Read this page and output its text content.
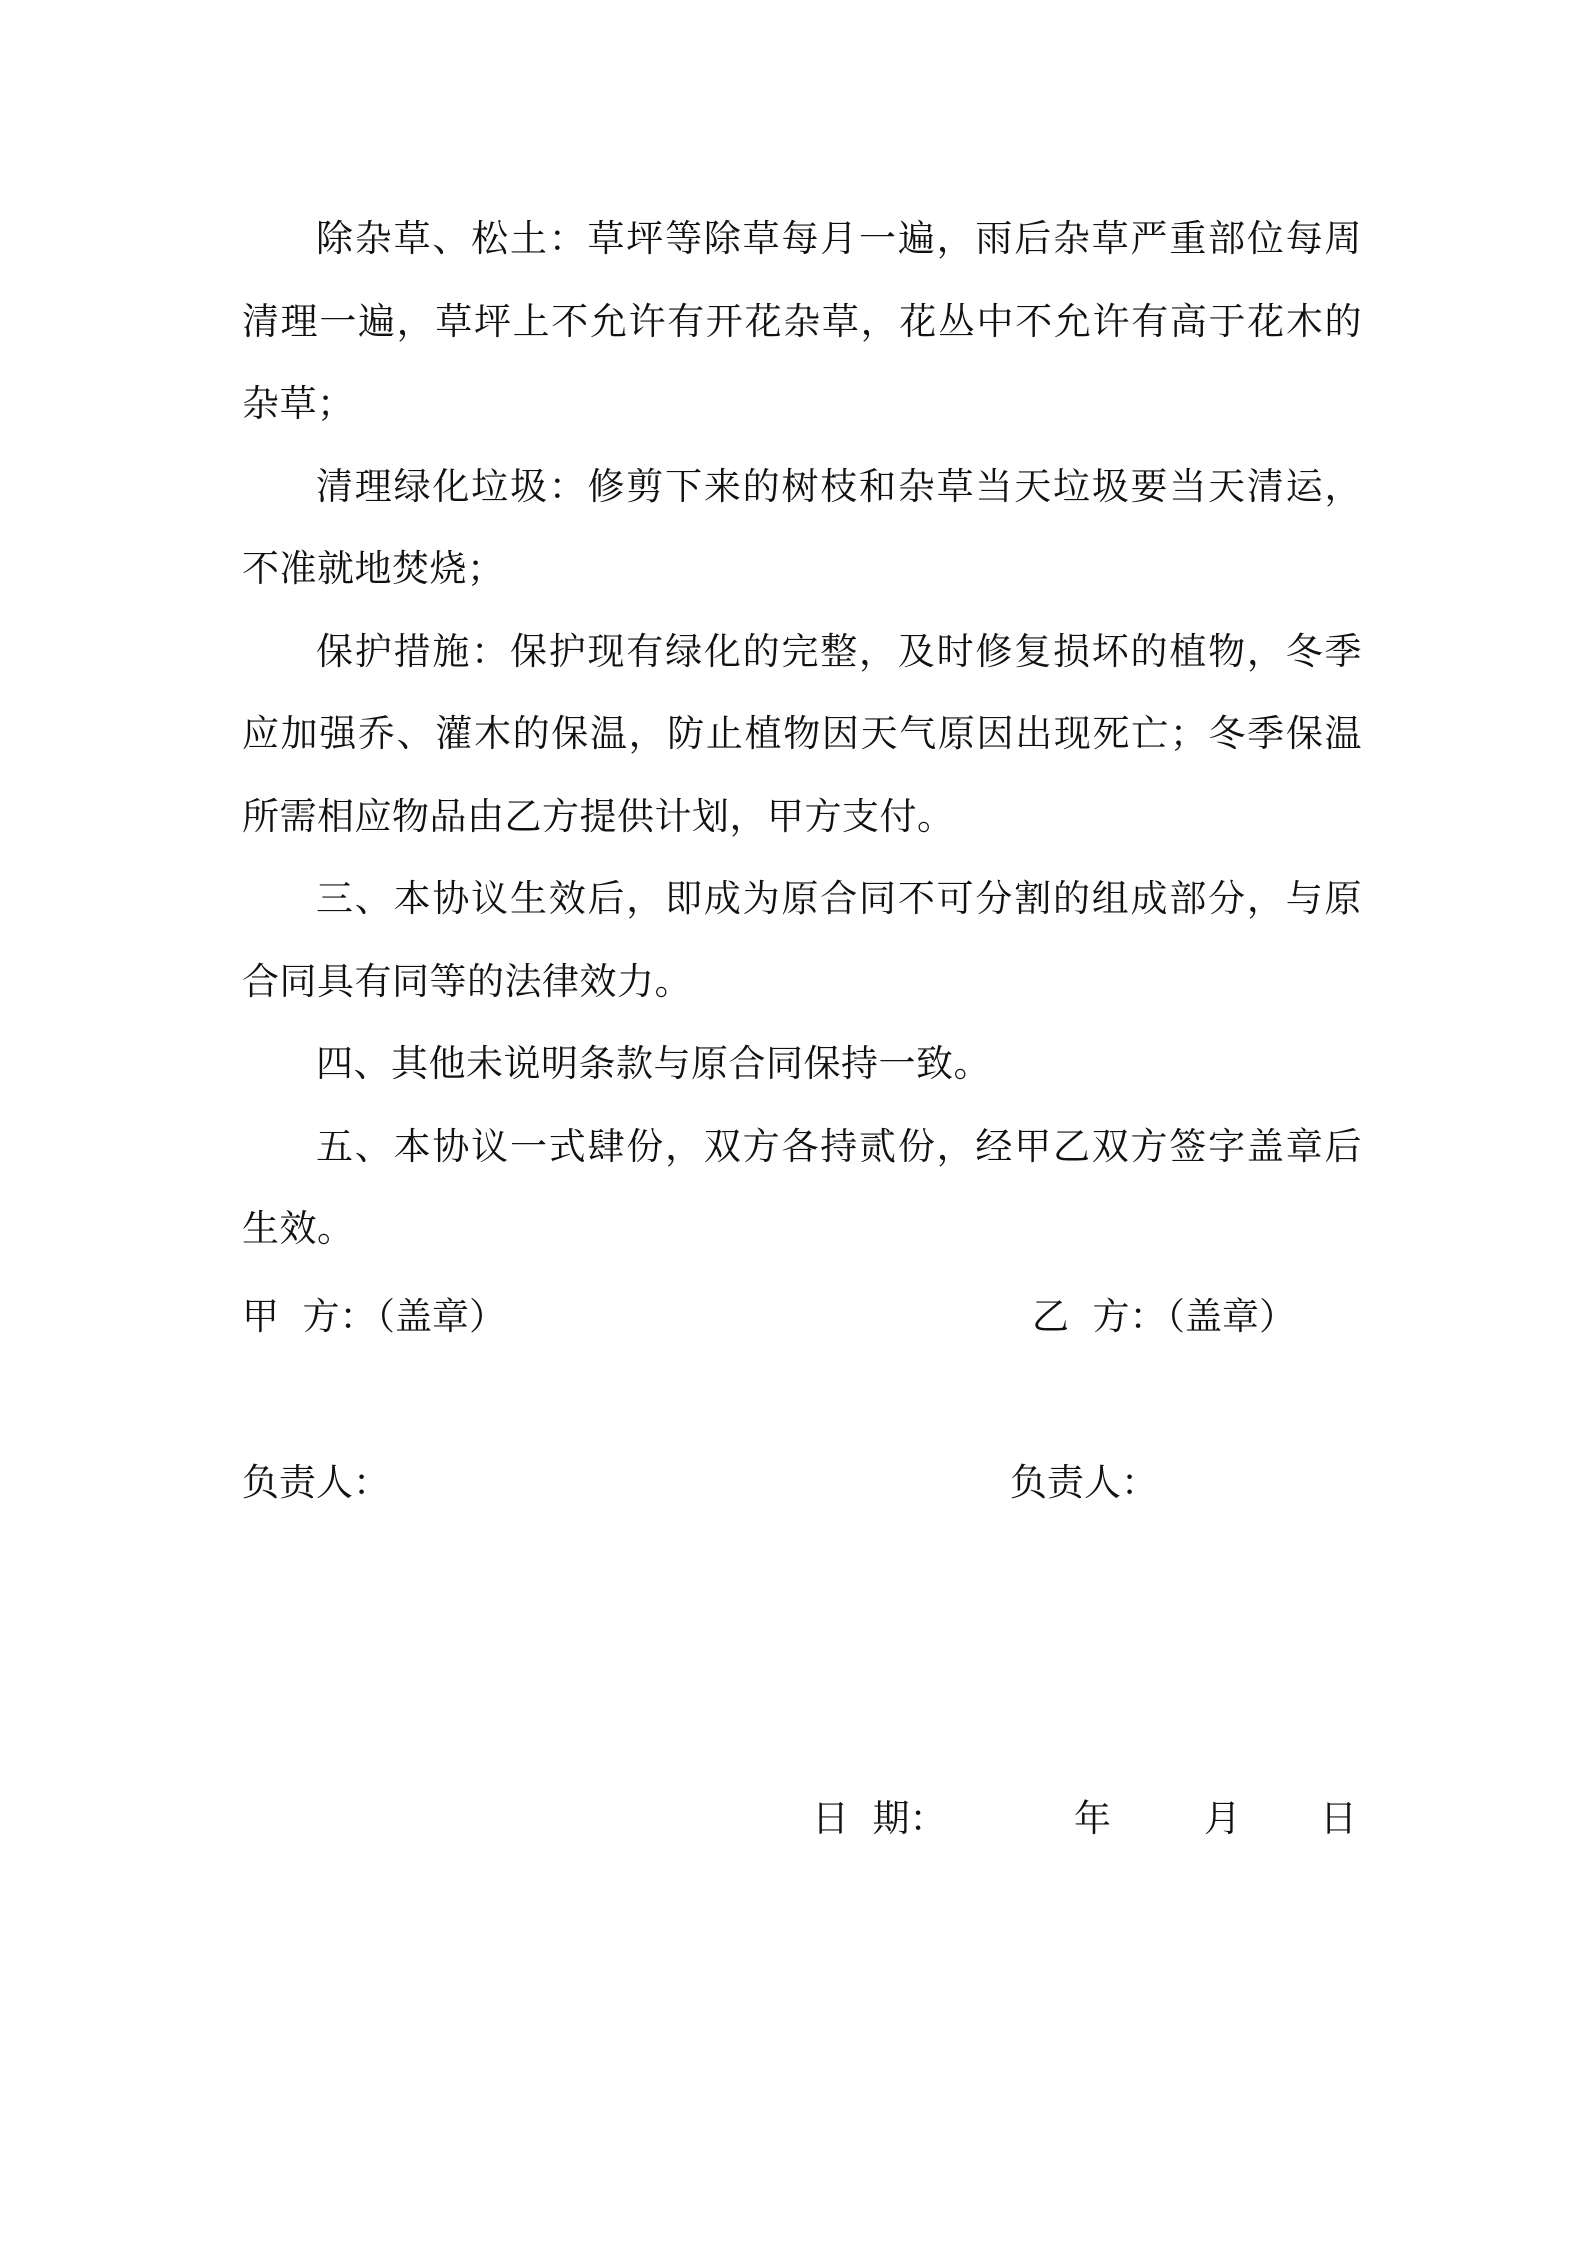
除杂草、松土：草坪等除草每月一遍，雨后杂草严重部位每周清理一遍，草坪上不允许有开花杂草，花丛中不允许有高于花木的杂草；

清理绿化垃圾：修剪下来的树枝和杂草当天垃圾要当天清运，不准就地焚烧；

保护措施：保护现有绿化的完整，及时修复损坏的植物，冬季应加强乔、灌木的保温，防止植物因天气原因出现死亡；冬季保温所需相应物品由乙方提供计划，甲方支付。

三、本协议生效后，即成为原合同不可分割的组成部分，与原合同具有同等的法律效力。

四、其他未说明条款与原合同保持一致。

五、本协议一式肆份，双方各持贰份，经甲乙双方签字盖章后生效。

甲  方：（盖章）	乙  方：（盖章）
负责人：	负责人：
日  期：	年	月 日
